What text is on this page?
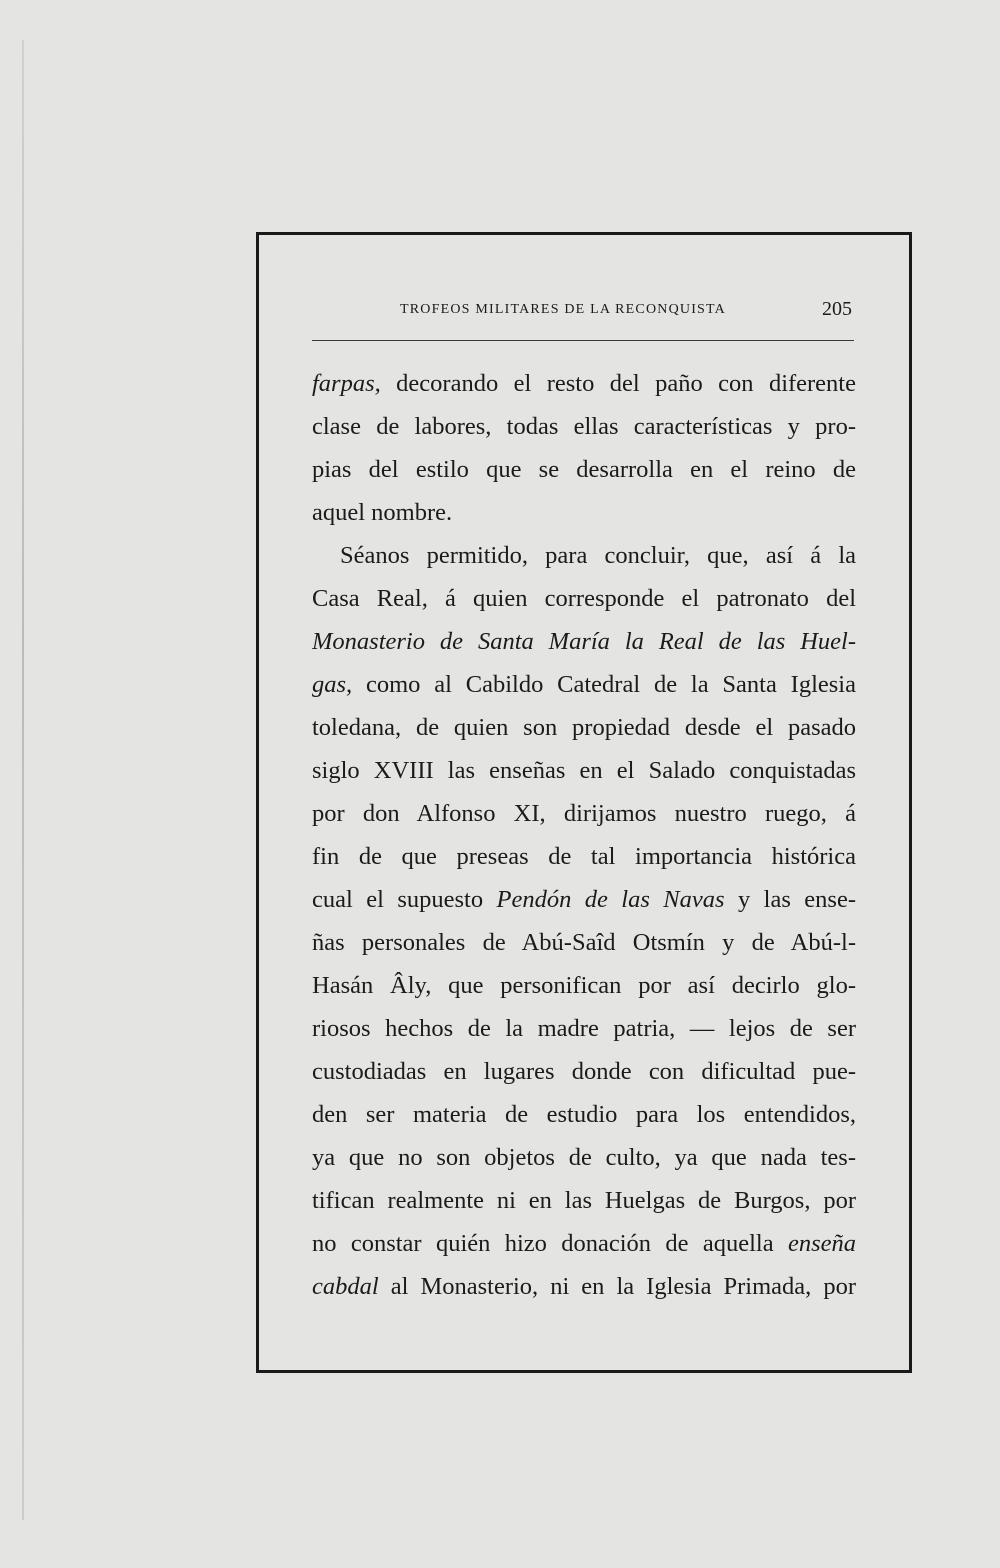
TROFEOS MILITARES DE LA RECONQUISTA	205
farpas, decorando el resto del paño con diferente
clase de labores, todas ellas características y pro-
pias del estilo que se desarrolla en el reino de
aquel nombre.
Séanos permitido, para concluir, que, así á la
Casa Real, á quien corresponde el patronato del
Monasterio de Santa María la Real de las Huel-
gas, como al Cabildo Catedral de la Santa Iglesia
toledana, de quien son propiedad desde el pasado
siglo XVIII las enseñas en el Salado conquistadas
por don Alfonso XI, dirijamos nuestro ruego, á
fin de que preseas de tal importancia histórica
cual el supuesto Pendón de las Navas y las ense-
ñas personales de Abú-Saîd Otsmín y de Abú-l-
Hasán Âly, que personifican por así decirlo glo-
riosos hechos de la madre patria, — lejos de ser
custodiadas en lugares donde con dificultad pue-
den ser materia de estudio para los entendidos,
ya que no son objetos de culto, ya que nada tes-
tifican realmente ni en las Huelgas de Burgos, por
no constar quién hizo donación de aquella enseña
cabdal al Monasterio, ni en la Iglesia Primada, por
